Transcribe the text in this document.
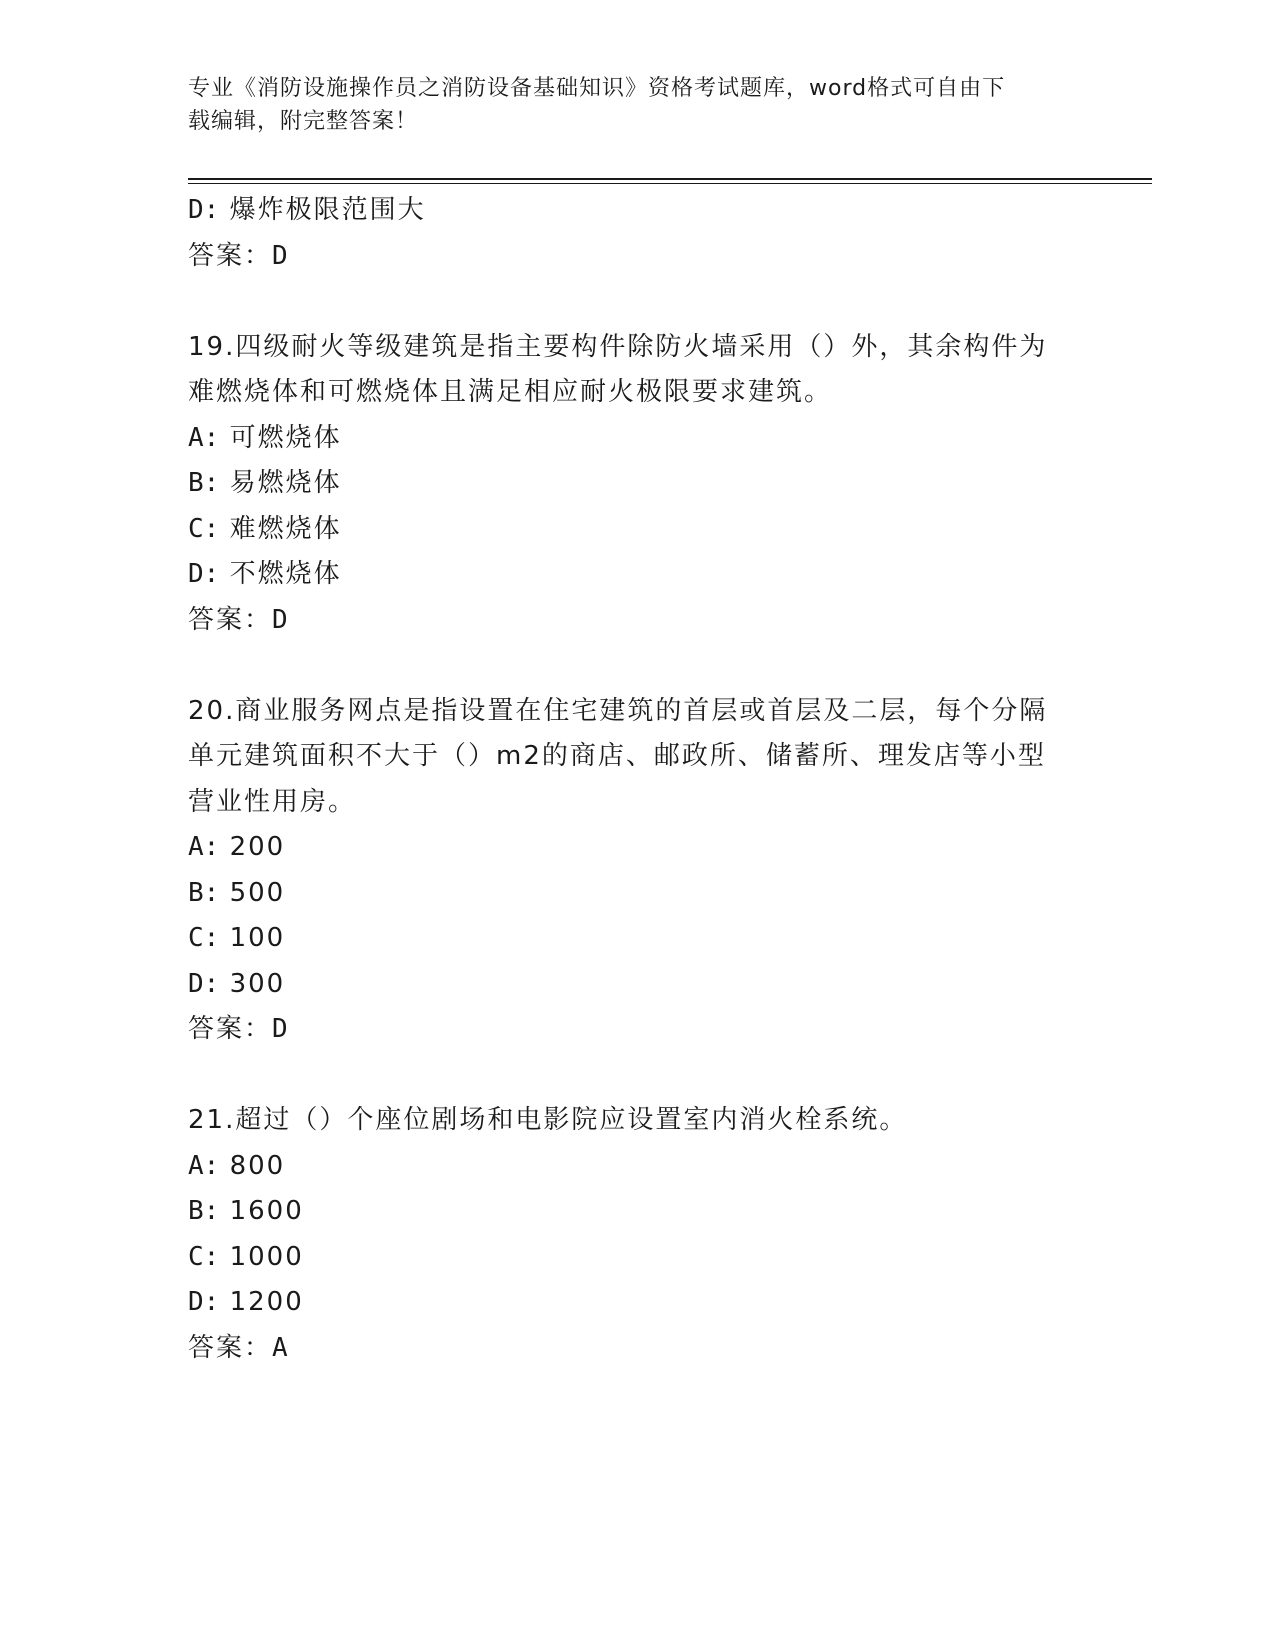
专业《消防设施操作员之消防设备基础知识》资格考试题库，word格式可自由下
载编辑，附完整答案！
D: 爆炸极限范围大
答案：D
19.四级耐火等级建筑是指主要构件除防火墙采用（）外，其余构件为难燃烧体和可燃烧体且满足相应耐火极限要求建筑。
A: 可燃烧体
B: 易燃烧体
C: 难燃烧体
D: 不燃烧体
答案：D
20.商业服务网点是指设置在住宅建筑的首层或首层及二层，每个分隔单元建筑面积不大于（）m2的商店、邮政所、储蓄所、理发店等小型营业性用房。
A: 200
B: 500
C: 100
D: 300
答案：D
21.超过（）个座位剧场和电影院应设置室内消火栓系统。
A: 800
B: 1600
C: 1000
D: 1200
答案：A
